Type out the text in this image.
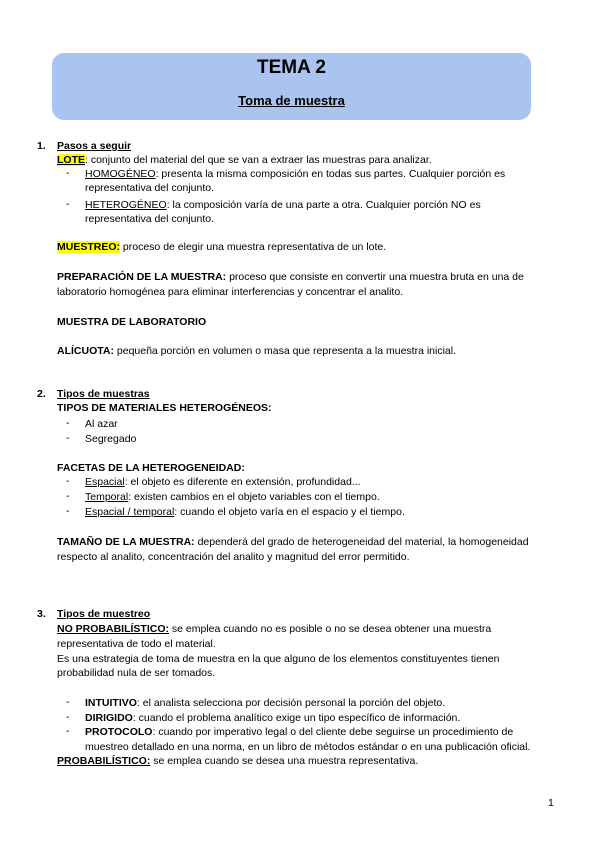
TEMA 2
Toma de muestra
1. Pasos a seguir
LOTE: conjunto del material del que se van a extraer las muestras para analizar.
- HOMOGÉNEO: presenta la misma composición en todas sus partes. Cualquier porción es
representativa del conjunto.
- HETEROGÉNEO: la composición varía de una parte a otra. Cualquier porción NO es
representativa del conjunto.
MUESTREO: proceso de elegir una muestra representativa de un lote.
PREPARACIÓN DE LA MUESTRA: proceso que consiste en convertir una muestra bruta en una de
laboratorio homogénea para eliminar interferencias y concentrar el analito.
MUESTRA DE LABORATORIO
ALÍCUOTA: pequeña porción en volumen o masa que representa a la muestra inicial.
2. Tipos de muestras
TIPOS DE MATERIALES HETEROGÉNEOS:
- Al azar
- Segregado
FACETAS DE LA HETEROGENEIDAD:
- Espacial: el objeto es diferente en extensión, profundidad...
- Temporal: existen cambios en el objeto variables con el tiempo.
- Espacial / temporal: cuando el objeto varía en el espacio y el tiempo.
TAMAÑO DE LA MUESTRA: dependerá del grado de heterogeneidad del material, la homogeneidad
respecto al analito, concentración del analito y magnitud del error permitido.
3. Tipos de muestreo
NO PROBABILÍSTICO: se emplea cuando no es posible o no se desea obtener una muestra
representativa de todo el material.
Es una estrategia de toma de muestra en la que alguno de los elementos constituyentes tienen
probabilidad nula de ser tomados.
- INTUITIVO: el analista selecciona por decisión personal la porción del objeto.
- DIRIGIDO: cuando el problema analítico exige un tipo específico de información.
- PROTOCOLO: cuando por imperativo legal o del cliente debe seguirse un procedimiento de
muestreo detallado en una norma, en un libro de métodos estándar o en una publicación oficial.
PROBABILÍSTICO: se emplea cuando se desea una muestra representativa.
1
